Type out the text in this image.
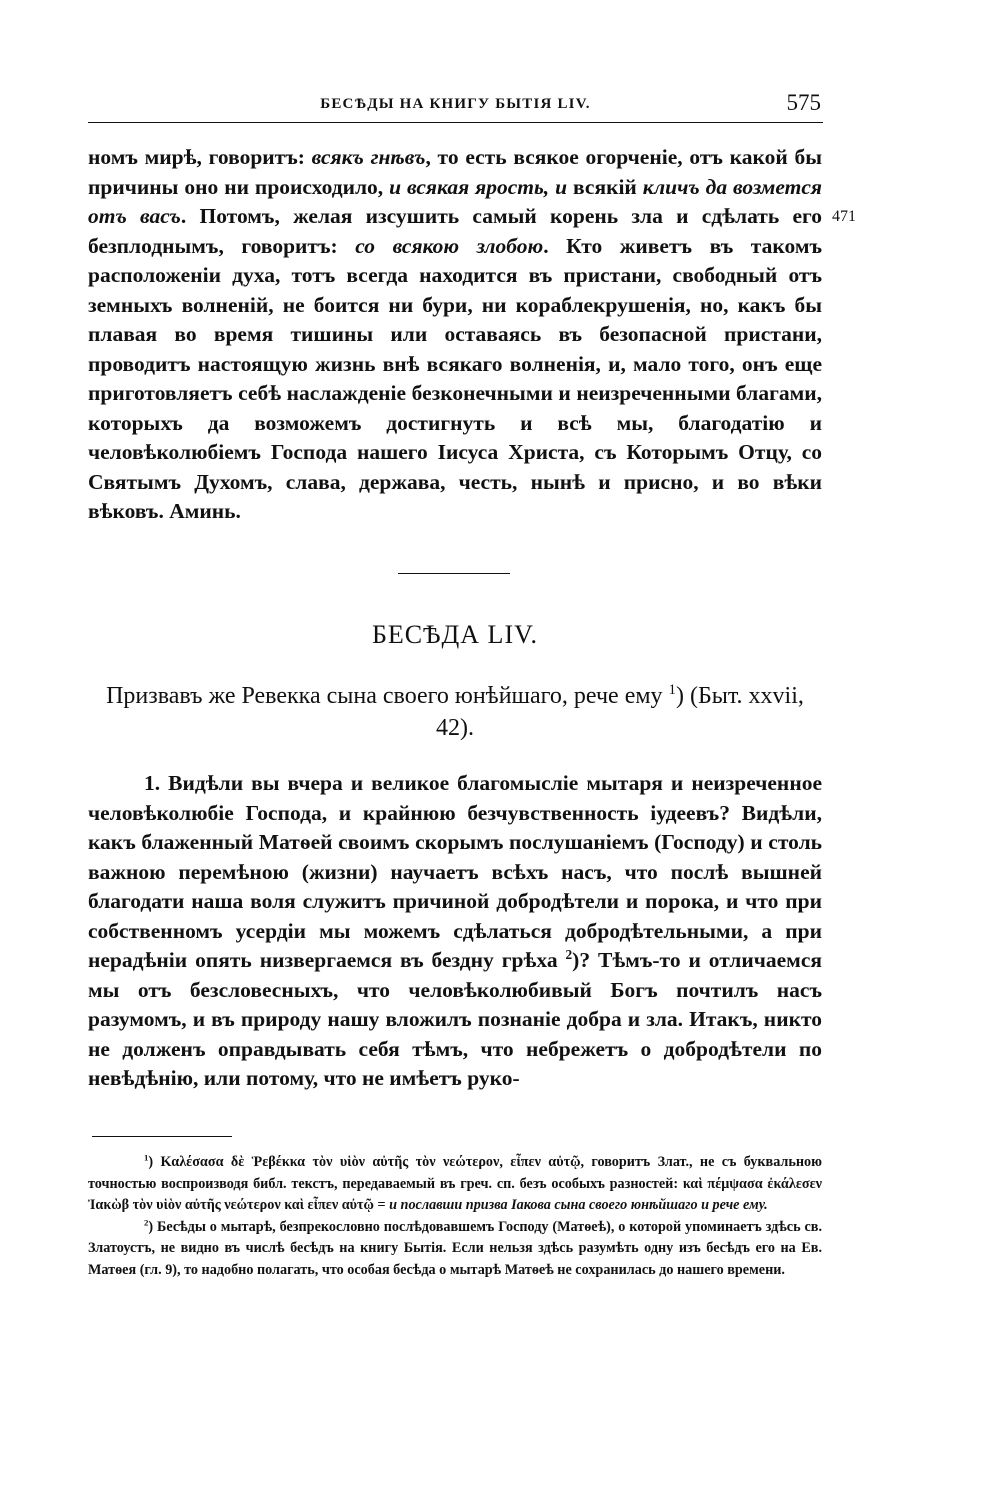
БЕСѢДЫ НА КНИГУ БЫТІЯ LIV.	575
471

номъ мирѣ, говоритъ: всякъ гнѣвъ, то есть всякое огорченіе, отъ какой бы причины оно ни происходило, и всякая ярость, и всякій кличъ да возмется отъ васъ. Потомъ, желая изсушить самый корень зла и сдѣлать его безплоднымъ, говоритъ: со всякою злобою. Кто живетъ въ такомъ расположеніи духа, тотъ всегда находится въ пристани, свободный отъ земныхъ волненій, не боится ни бури, ни кораблекрушенія, но, какъ бы плавая во время тишины или оставаясь въ безопасной пристани, проводитъ настоящую жизнь внѣ всякаго волненія, и, мало того, онъ еще приготовляетъ себѣ наслажденіе безконечными и неизреченными благами, которыхъ да возможемъ достигнуть и всѣ мы, благодатію и человѣколюбіемъ Господа нашего Іисуса Христа, съ Которымъ Отцу, со Святымъ Духомъ, слава, держава, честь, нынѣ и присно, и во вѣки вѣковъ. Аминь.

БЕСѢДА LIV.
Призвавъ же Ревекка сына своего юнѣйшаго, рече ему $^1$) (Быт. xxvii, 42).

1. Видѣли вы вчера и великое благомысліе мытаря и неизреченное человѣколюбіе Господа, и крайнюю безчувственность іудеевъ? Видѣли, какъ блаженный Матѳей своимъ скорымъ послушаніемъ (Господу) и столь важною перемѣною (жизни) научаетъ всѣхъ насъ, что послѣ вышней благодати наша воля служитъ причиной добродѣтели и порока, и что при собственномъ усердіи мы можемъ сдѣлаться добродѣтельными, а при нерадѣніи опять низвергаемся въ бездну грѣха $^2$)? Тѣмъ-то и отличаемся мы отъ безсловесныхъ, что человѣколюбивый Богъ почтилъ насъ разумомъ, и въ природу нашу вложилъ познаніе добра и зла. Итакъ, никто не долженъ оправдывать себя тѣмъ, что небрежетъ о добродѣтели по невѣдѣнію, или потому, что не имѣетъ руко-

$^1$) Καλέσασα δὲ Ῥεβέκκα τὸν υἱὸν αὐτῆς τὸν νεώτερον, εἶπεν αὐτῷ, говоритъ Злат., не съ буквальною точностью воспроизводя библ. текстъ, передаваемый въ греч. сп. безъ особыхъ разностей: καὶ πέμψασα ἐκάλεσεν Ἰακὼβ τὸν υἱὸν αὐτῆς νεώτερον καὶ εἶπεν αὐτῷ = и пославши призва Іакова сына своего юнѣйшаго и рече ему.

$^2$) Бесѣды о мытарѣ, безпрекословно послѣдовавшемъ Господу (Матѳеѣ), о которой упоминаетъ здѣсь св. Златоустъ, не видно въ числѣ бесѣдъ на книгу Бытія. Если нельзя здѣсь разумѣть одну изъ бесѣдъ его на Ев. Матѳея (гл. 9), то надобно полагать, что особая бесѣда о мытарѣ Матѳеѣ не сохранилась до нашего времени.
